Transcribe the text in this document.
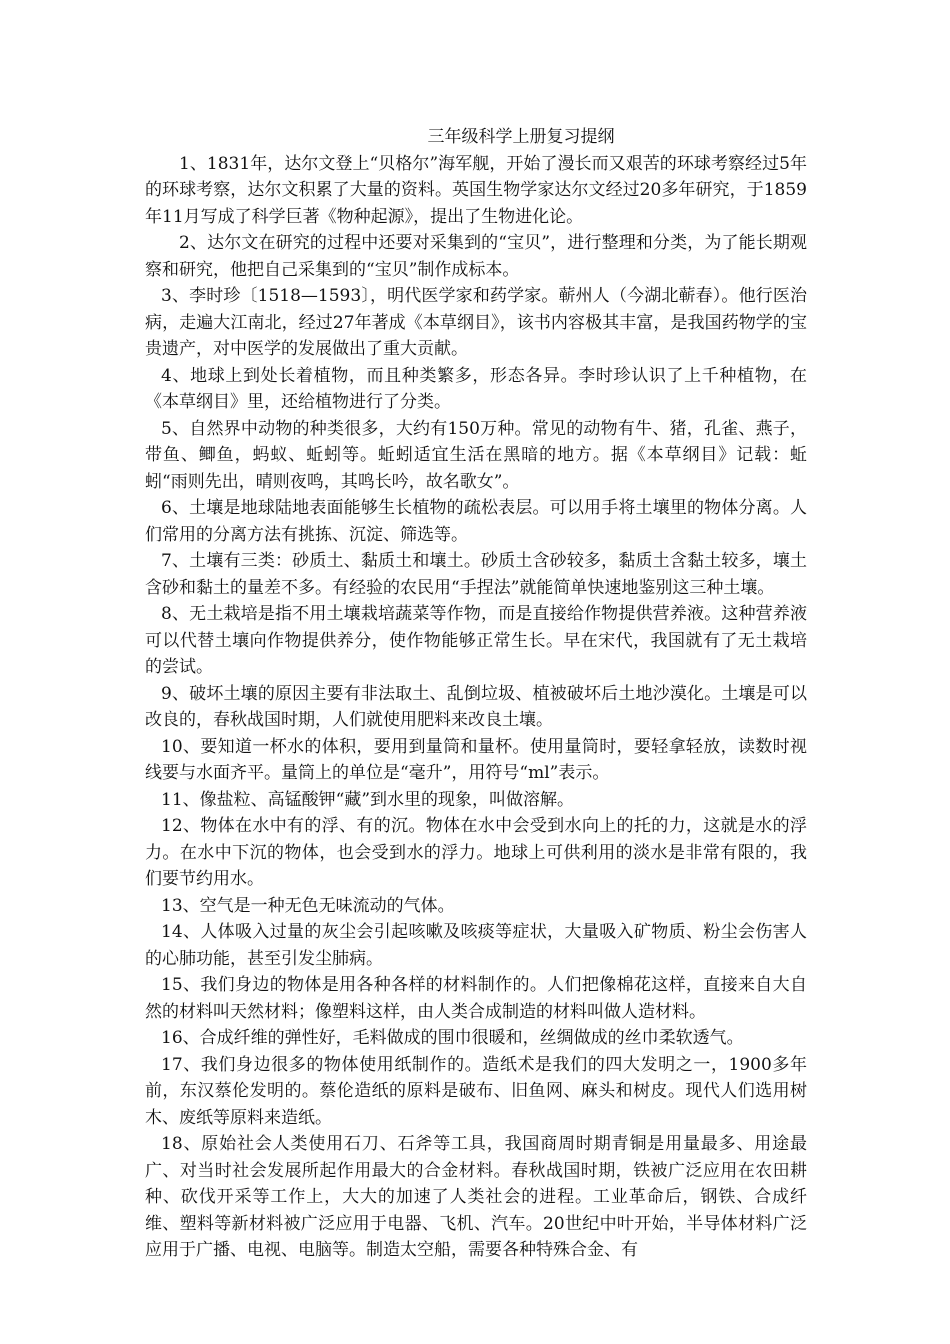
三年级科学上册复习提纲

1、1831年，达尔文登上“贝格尔”海军舰，开始了漫长而又艰苦的环球考察经过5年的环球考察，达尔文积累了大量的资料。英国生物学家达尔文经过20多年研究，于1859年11月写成了科学巨著《物种起源》，提出了生物进化论。

2、达尔文在研究的过程中还要对采集到的“宝贝”，进行整理和分类，为了能长期观察和研究，他把自己采集到的“宝贝”制作成标本。

3、李时珍〔1518—1593〕，明代医学家和药学家。蕲州人（今湖北蕲春）。他行医治病，走遍大江南北，经过27年著成《本草纲目》，该书内容极其丰富，是我国药物学的宝贵遗产，对中医学的发展做出了重大贡献。

4、地球上到处长着植物，而且种类繁多，形态各异。李时珍认识了上千种植物，在《本草纲目》里，还给植物进行了分类。

5、自然界中动物的种类很多，大约有150万种。常见的动物有牛、猪，孔雀、燕子，带鱼、鲫鱼，蚂蚁、蚯蚓等。蚯蚓适宜生活在黑暗的地方。据《本草纲目》记载：蚯蚓“雨则先出，晴则夜鸣，其鸣长吟，故名歌女”。

6、土壤是地球陆地表面能够生长植物的疏松表层。可以用手将土壤里的物体分离。人们常用的分离方法有挑拣、沉淀、筛选等。

7、土壤有三类：砂质土、黏质土和壤土。砂质土含砂较多，黏质土含黏土较多，壤土含砂和黏土的量差不多。有经验的农民用“手捏法”就能简单快速地鉴别这三种土壤。

8、无土栽培是指不用土壤栽培蔬菜等作物，而是直接给作物提供营养液。这种营养液可以代替土壤向作物提供养分，使作物能够正常生长。早在宋代，我国就有了无土栽培的尝试。

9、破坏土壤的原因主要有非法取土、乱倒垃圾、植被破坏后土地沙漠化。土壤是可以改良的，春秋战国时期，人们就使用肥料来改良土壤。

10、要知道一杯水的体积，要用到量筒和量杯。使用量筒时，要轻拿轻放，读数时视线要与水面齐平。量筒上的单位是“毫升”，用符号“ml”表示。

11、像盐粒、高锰酸钾“藏”到水里的现象，叫做溶解。

12、物体在水中有的浮、有的沉。物体在水中会受到水向上的托的力，这就是水的浮力。在水中下沉的物体，也会受到水的浮力。地球上可供利用的淡水是非常有限的，我们要节约用水。

13、空气是一种无色无味流动的气体。

14、人体吸入过量的灰尘会引起咳嗽及咳痰等症状，大量吸入矿物质、粉尘会伤害人的心肺功能，甚至引发尘肺病。

15、我们身边的物体是用各种各样的材料制作的。人们把像棉花这样，直接来自大自然的材料叫天然材料；像塑料这样，由人类合成制造的材料叫做人造材料。

16、合成纤维的弹性好，毛料做成的围巾很暖和，丝绸做成的丝巾柔软透气。

17、我们身边很多的物体使用纸制作的。造纸术是我们的四大发明之一，1900多年前，东汉蔡伦发明的。蔡伦造纸的原料是破布、旧鱼网、麻头和树皮。现代人们选用树木、废纸等原料来造纸。

18、原始社会人类使用石刀、石斧等工具，我国商周时期青铜是用量最多、用途最广、对当时社会发展所起作用最大的合金材料。春秋战国时期，铁被广泛应用在农田耕种、砍伐开采等工作上，大大的加速了人类社会的进程。工业革命后，钢铁、合成纤维、塑料等新材料被广泛应用于电器、飞机、汽车。20世纪中叶开始，半导体材料广泛应用于广播、电视、电脑等。制造太空船，需要各种特殊合金、有
